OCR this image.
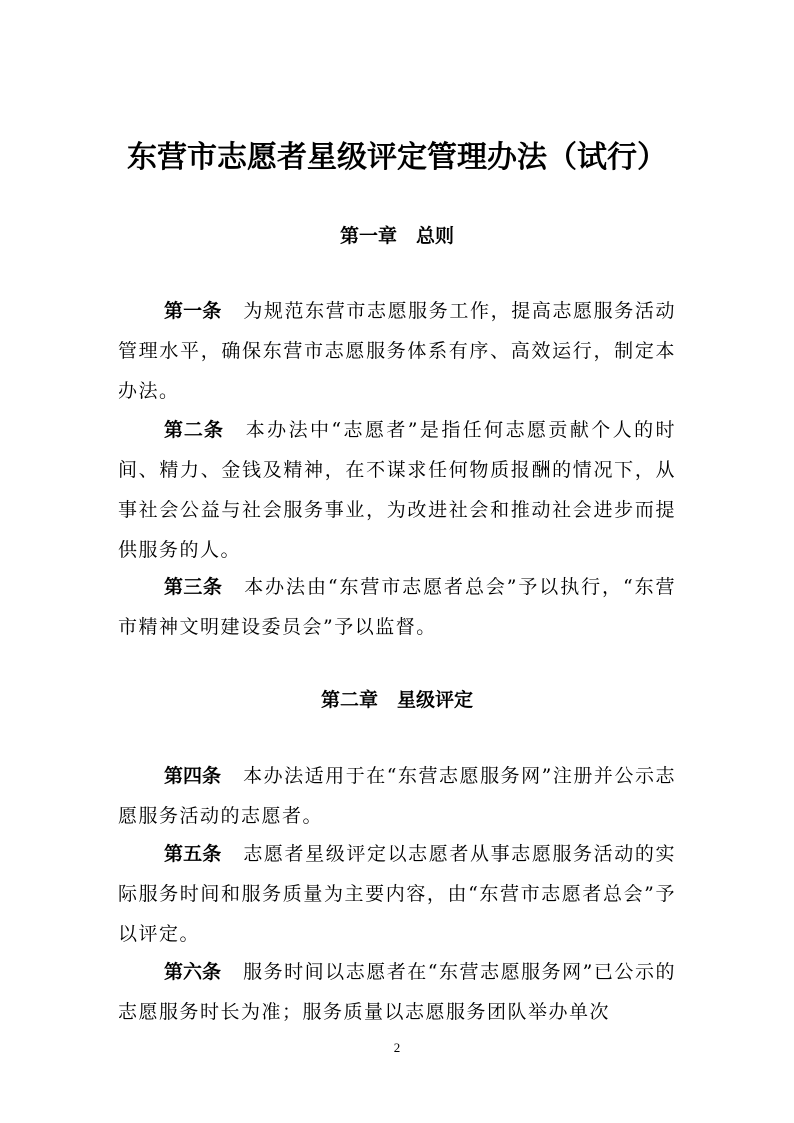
东营市志愿者星级评定管理办法（试行）
第一章　总则
第一条 为规范东营市志愿服务工作，提高志愿服务活动管理水平，确保东营市志愿服务体系有序、高效运行，制定本办法。
第二条 本办法中“志愿者”是指任何志愿贡献个人的时间、精力、金钱及精神，在不谋求任何物质报酬的情况下，从事社会公益与社会服务事业，为改进社会和推动社会进步而提供服务的人。
第三条 本办法由“东营市志愿者总会”予以执行，“东营市精神文明建设委员会”予以监督。
第二章　星级评定
第四条 本办法适用于在“东营志愿服务网”注册并公示志愿服务活动的志愿者。
第五条 志愿者星级评定以志愿者从事志愿服务活动的实际服务时间和服务质量为主要内容，由“东营市志愿者总会”予以评定。
第六条 服务时间以志愿者在“东营志愿服务网”已公示的志愿服务时长为准；服务质量以志愿服务团队举办单次
2
